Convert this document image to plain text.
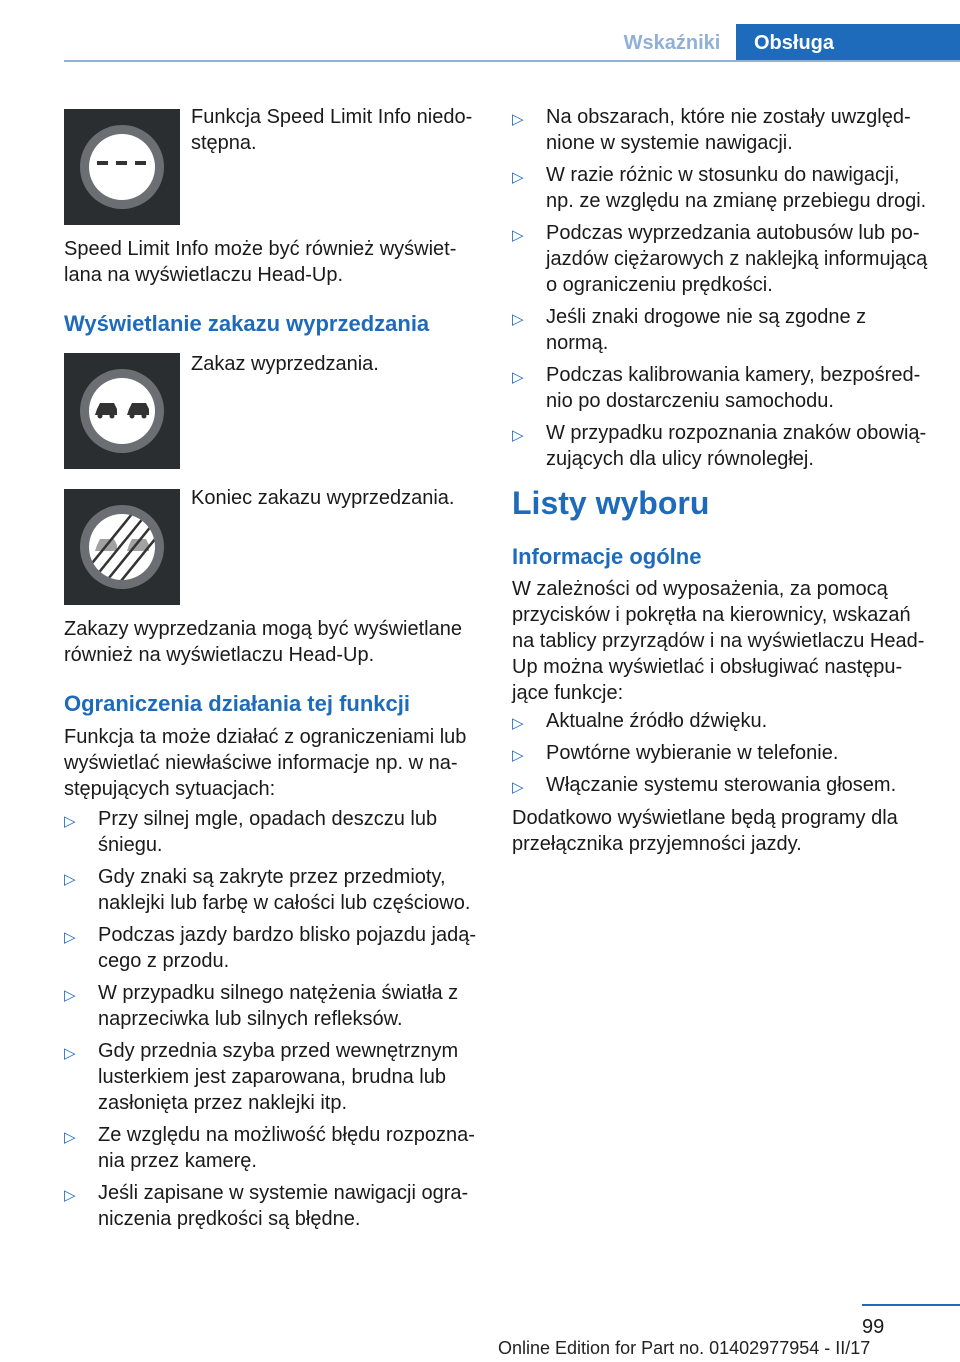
Wskaźniki	Obsługa
Funkcja Speed Limit Info niedostępna.

Speed Limit Info może być również wyświetlana na wyświetlaczu Head-Up.

Wyświetlanie zakazu wyprzedzania
Zakaz wyprzedzania.
Koniec zakazu wyprzedzania.

Zakazy wyprzedzania mogą być wyświetlane również na wyświetlaczu Head-Up.

Ograniczenia działania tej funkcji

Funkcja ta może działać z ograniczeniami lub wyświetlać niewłaściwe informacje np. w następujących sytuacjach:

▷ Przy silnej mgle, opadach deszczu lub śniegu.
▷ Gdy znaki są zakryte przez przedmioty, naklejki lub farbę w całości lub częściowo.
▷ Podczas jazdy bardzo blisko pojazdu jadącego z przodu.
▷ W przypadku silnego natężenia światła z naprzeciwka lub silnych refleksów.
▷ Gdy przednia szyba przed wewnętrznym lusterkiem jest zaparowana, brudna lub zasłonięta przez naklejki itp.
▷ Ze względu na możliwość błędu rozpoznania przez kamerę.
▷ Jeśli zapisane w systemie nawigacji ograniczenia prędkości są błędne.
▷ Na obszarach, które nie zostały uwzględnione w systemie nawigacji.
▷ W razie różnic w stosunku do nawigacji, np. ze względu na zmianę przebiegu drogi.
▷ Podczas wyprzedzania autobusów lub pojazdów ciężarowych z naklejką informującą o ograniczeniu prędkości.
▷ Jeśli znaki drogowe nie są zgodne z normą.
▷ Podczas kalibrowania kamery, bezpośrednio po dostarczeniu samochodu.
▷ W przypadku rozpoznania znaków obowiązujących dla ulicy równoległej.
Listy wyboru
Informacje ogólne

W zależności od wyposażenia, za pomocą przycisków i pokrętła na kierownicy, wskazań na tablicy przyrządów i na wyświetlaczu Head-Up można wyświetlać i obsługiwać następujące funkcje:

▷ Aktualne źródło dźwięku.
▷ Powtórne wybieranie w telefonie.
▷ Włączanie systemu sterowania głosem.

Dodatkowo wyświetlane będą programy dla przełącznika przyjemności jazdy.

99
Online Edition for Part no. 01402977954 - II/17
